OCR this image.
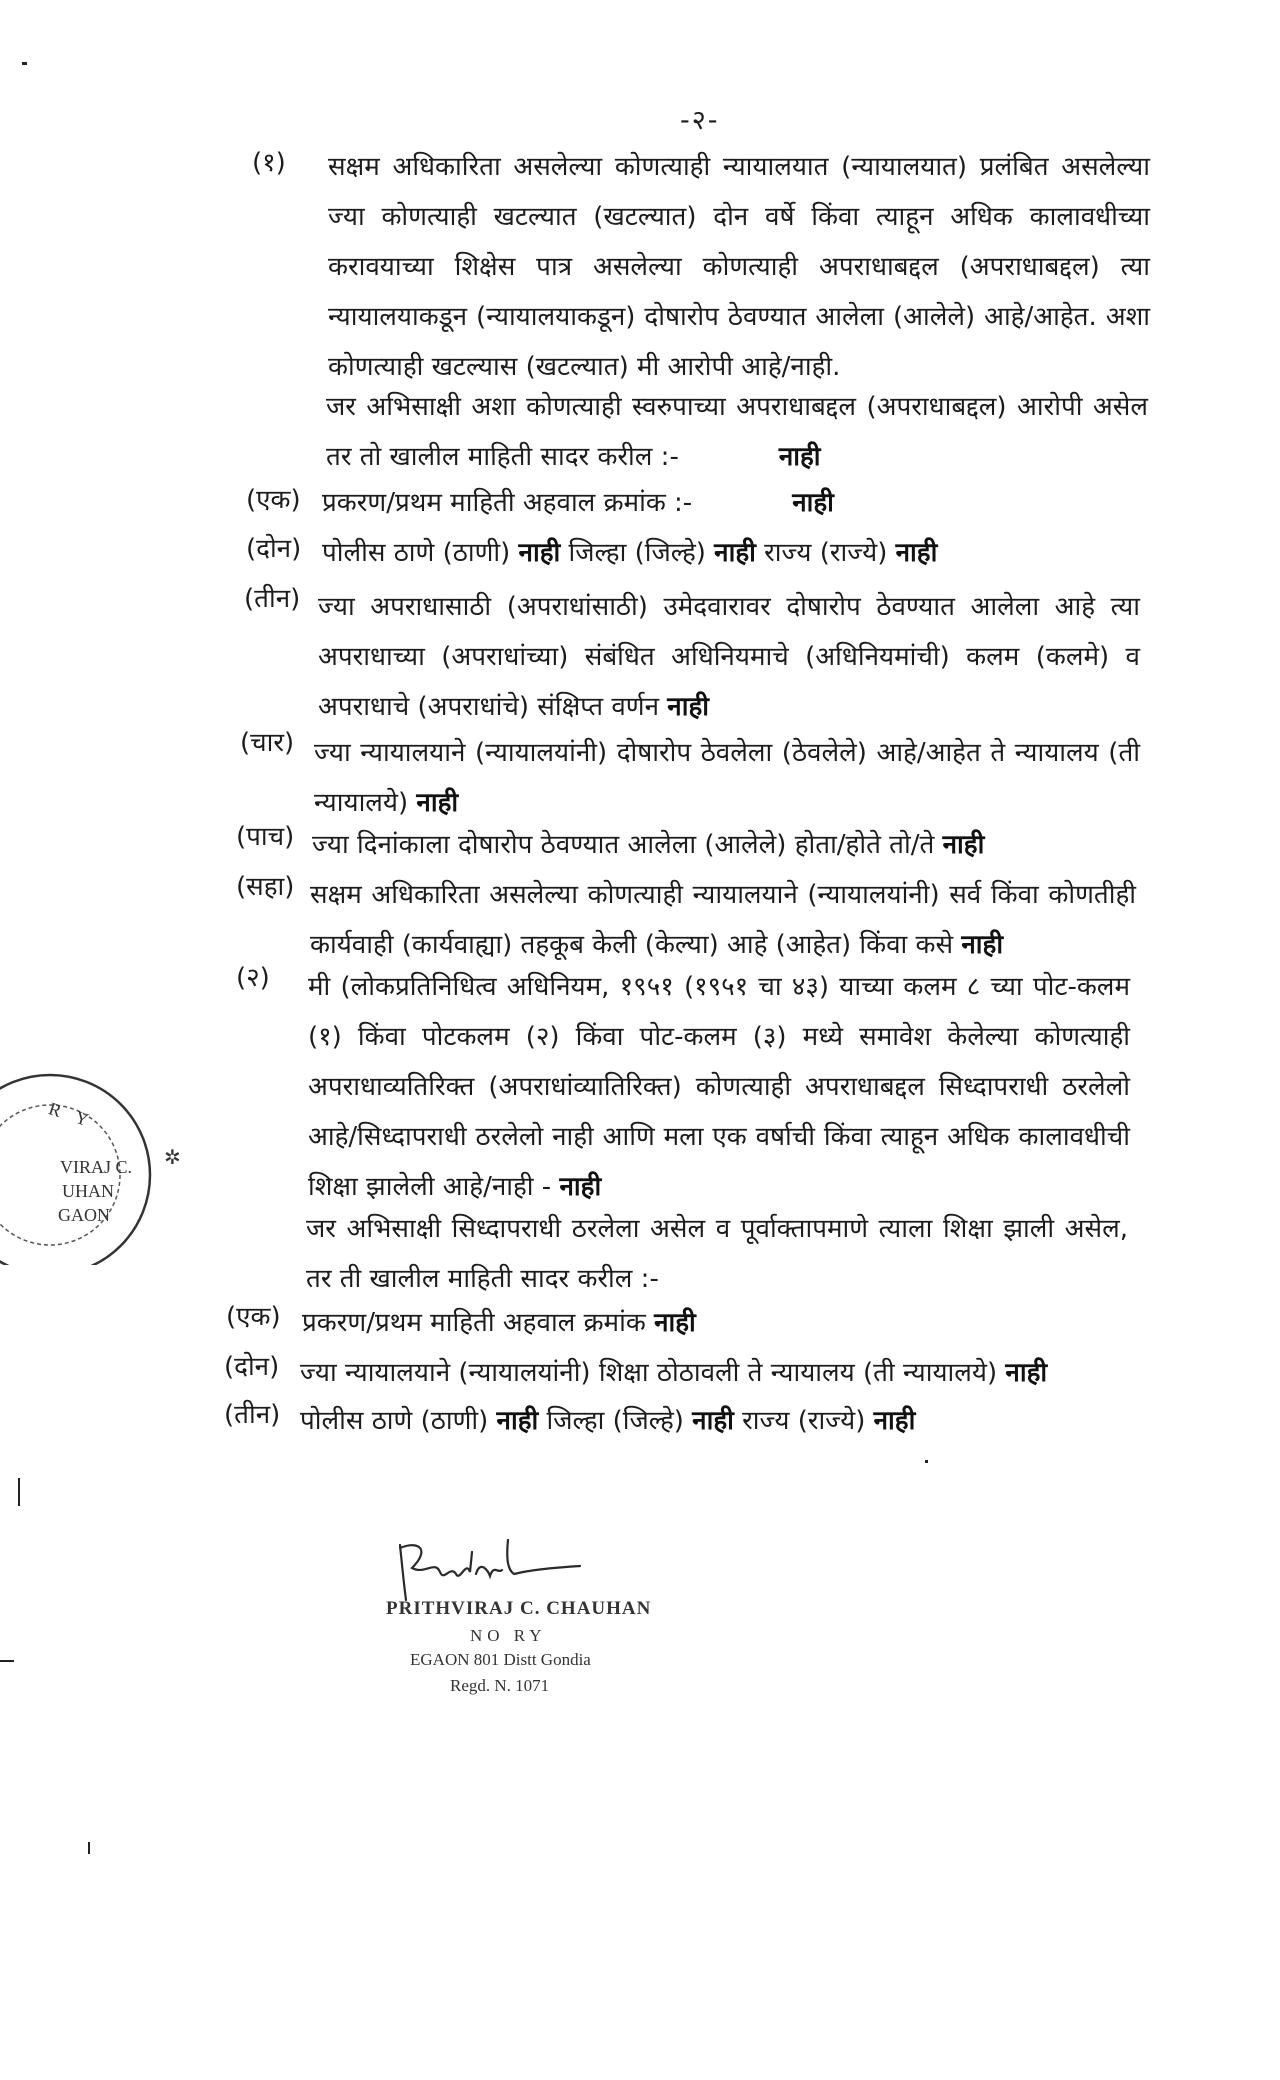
-२-
(१) सक्षम अधिकारिता असलेल्या कोणत्याही न्यायालयात (न्यायालयात) प्रलंबित असलेल्या
ज्या कोणत्याही खटल्यात (खटल्यात) दोन वर्षे किंवा त्याहून अधिक कालावधीच्या
करावयाच्या शिक्षेस पात्र असलेल्या कोणत्याही अपराधाबद्दल (अपराधाबद्दल) त्या
न्यायालयाकडून (न्यायालयाकडून) दोषारोप ठेवण्यात आलेला (आलेले) आहे/आहेत. अशा
कोणत्याही खटल्यास (खटल्यात) मी आरोपी आहे/नाही.
जर अभिसाक्षी अशा कोणत्याही स्वरुपाच्या अपराधाबद्दल (अपराधाबद्दल) आरोपी असेल
तर तो खालील माहिती सादर करील :-	नाही
(एक) प्रकरण/प्रथम माहिती अहवाल क्रमांक :-	नाही
(दोन) पोलीस ठाणे (ठाणी) नाही जिल्हा (जिल्हे) नाही राज्य (राज्ये) नाही
(तीन) ज्या अपराधासाठी (अपराधांसाठी) उमेदवारावर दोषारोप ठेवण्यात आलेला आहे त्या
अपराधाच्या (अपराधांच्या) संबंधित अधिनियमाचे (अधिनियमांची) कलम (कलमे) व
अपराधाचे (अपराधांचे) संक्षिप्त वर्णन नाही
(चार) ज्या न्यायालयाने (न्यायालयांनी) दोषारोप ठेवलेला (ठेवलेले) आहे/आहेत ते न्यायालय (ती
न्यायालये) नाही
(पाच) ज्या दिनांकाला दोषारोप ठेवण्यात आलेला (आलेले) होता/होते तो/ते नाही
(सहा) सक्षम अधिकारिता असलेल्या कोणत्याही न्यायालयाने (न्यायालयांनी) सर्व किंवा कोणतीही
कार्यवाही (कार्यवाह्या) तहकूब केली (केल्या) आहे (आहेत) किंवा कसे नाही
(२) मी (लोकप्रतिनिधित्व अधिनियम, १९५१ (१९५१ चा ४३) याच्या कलम ८ च्या पोट-कलम
(१) किंवा पोटकलम (२) किंवा पोट-कलम (३) मध्ये समावेश केलेल्या कोणत्याही
अपराधाव्यतिरिक्त (अपराधांव्यातिरिक्त) कोणत्याही अपराधाबद्दल सिध्दापराधी ठरलेलो
आहे/सिध्दापराधी ठरलेलो नाही आणि मला एक वर्षाची किंवा त्याहून अधिक कालावधीची
शिक्षा झालेली आहे/नाही - नाही
जर अभिसाक्षी सिध्दापराधी ठरलेला असेल व पूर्वाक्तापमाणे त्याला शिक्षा झाली असेल,
तर ती खालील माहिती सादर करील :-
(एक) प्रकरण/प्रथम माहिती अहवाल क्रमांक नाही
(दोन) ज्या न्यायालयाने (न्यायालयांनी) शिक्षा ठोठावली ते न्यायालय (ती न्यायालये) नाही
(तीन) पोलीस ठाणे (ठाणी) नाही जिल्हा (जिल्हे) नाही राज्य (राज्ये) नाही
R Y
VIRAJ C.
UHAN
GAON
✲
PRITHVIRAJ C. CHAUHAN
NO RY
EGAON 801 Distt Gondia
Regd. N. 1071
